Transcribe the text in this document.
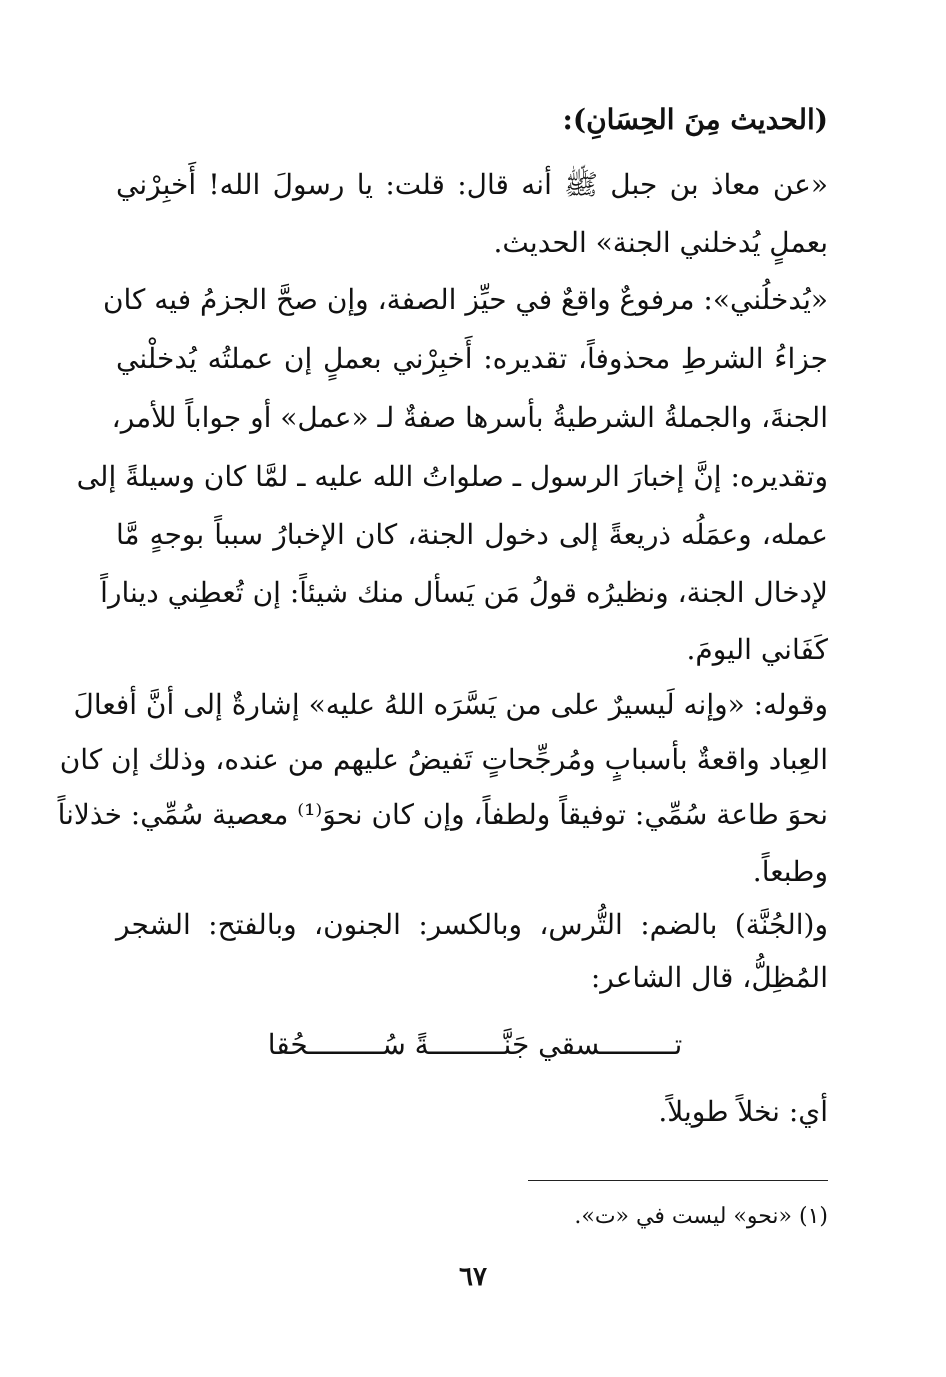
(الحديث مِنَ الحِسَانِ):
«عن معاذ بن جبل ﷺ أنه قال: قلت: يا رسولَ الله! أَخبِرْني
بعملٍ يُدخلني الجنة» الحديث.
«يُدخلُني»: مرفوعٌ واقعٌ في حيِّز الصفة، وإن صحَّ الجزمُ فيه كان
جزاءُ الشرطِ محذوفاً، تقديره: أَخبِرْني بعملٍ إن عملتُه يُدخلْني
الجنةَ، والجملةُ الشرطيةُ بأسرها صفةٌ لـ «عمل» أو جواباً للأمر،
وتقديره: إنَّ إخبارَ الرسول ـ صلواتُ الله عليه ـ لمَّا كان وسيلةً إلى
عمله، وعمَلُه ذريعةً إلى دخول الجنة، كان الإخبارُ سبباً بوجهٍ مَّا
لإدخال الجنة، ونظيرُه قولُ مَن يَسأل منك شيئاً: إن تُعطِني ديناراً
كَفَاني اليومَ.
وقوله: «وإنه لَيسيرٌ على من يَسَّرَه اللهُ عليه» إشارةٌ إلى أنَّ أفعالَ
العِباد واقعةٌ بأسبابٍ ومُرجِّحاتٍ تَفيضُ عليهم من عنده، وذلك إن كان
نحوَ طاعة سُمِّي: توفيقاً ولطفاً، وإن كان نحوَ⁽¹⁾ معصية سُمِّي: خذلاناً
وطبعاً.
و(الجُنَّة) بالضم: التُّرس، وبالكسر: الجنون، وبالفتح: الشجر
المُظِلُّ، قال الشاعر:
تـــــــــسقي جَنَّـــــــــةً سُـــــــــحُقا
أي: نخلاً طويلاً.
(١) «نحو» ليست في «ت».
٦٧
